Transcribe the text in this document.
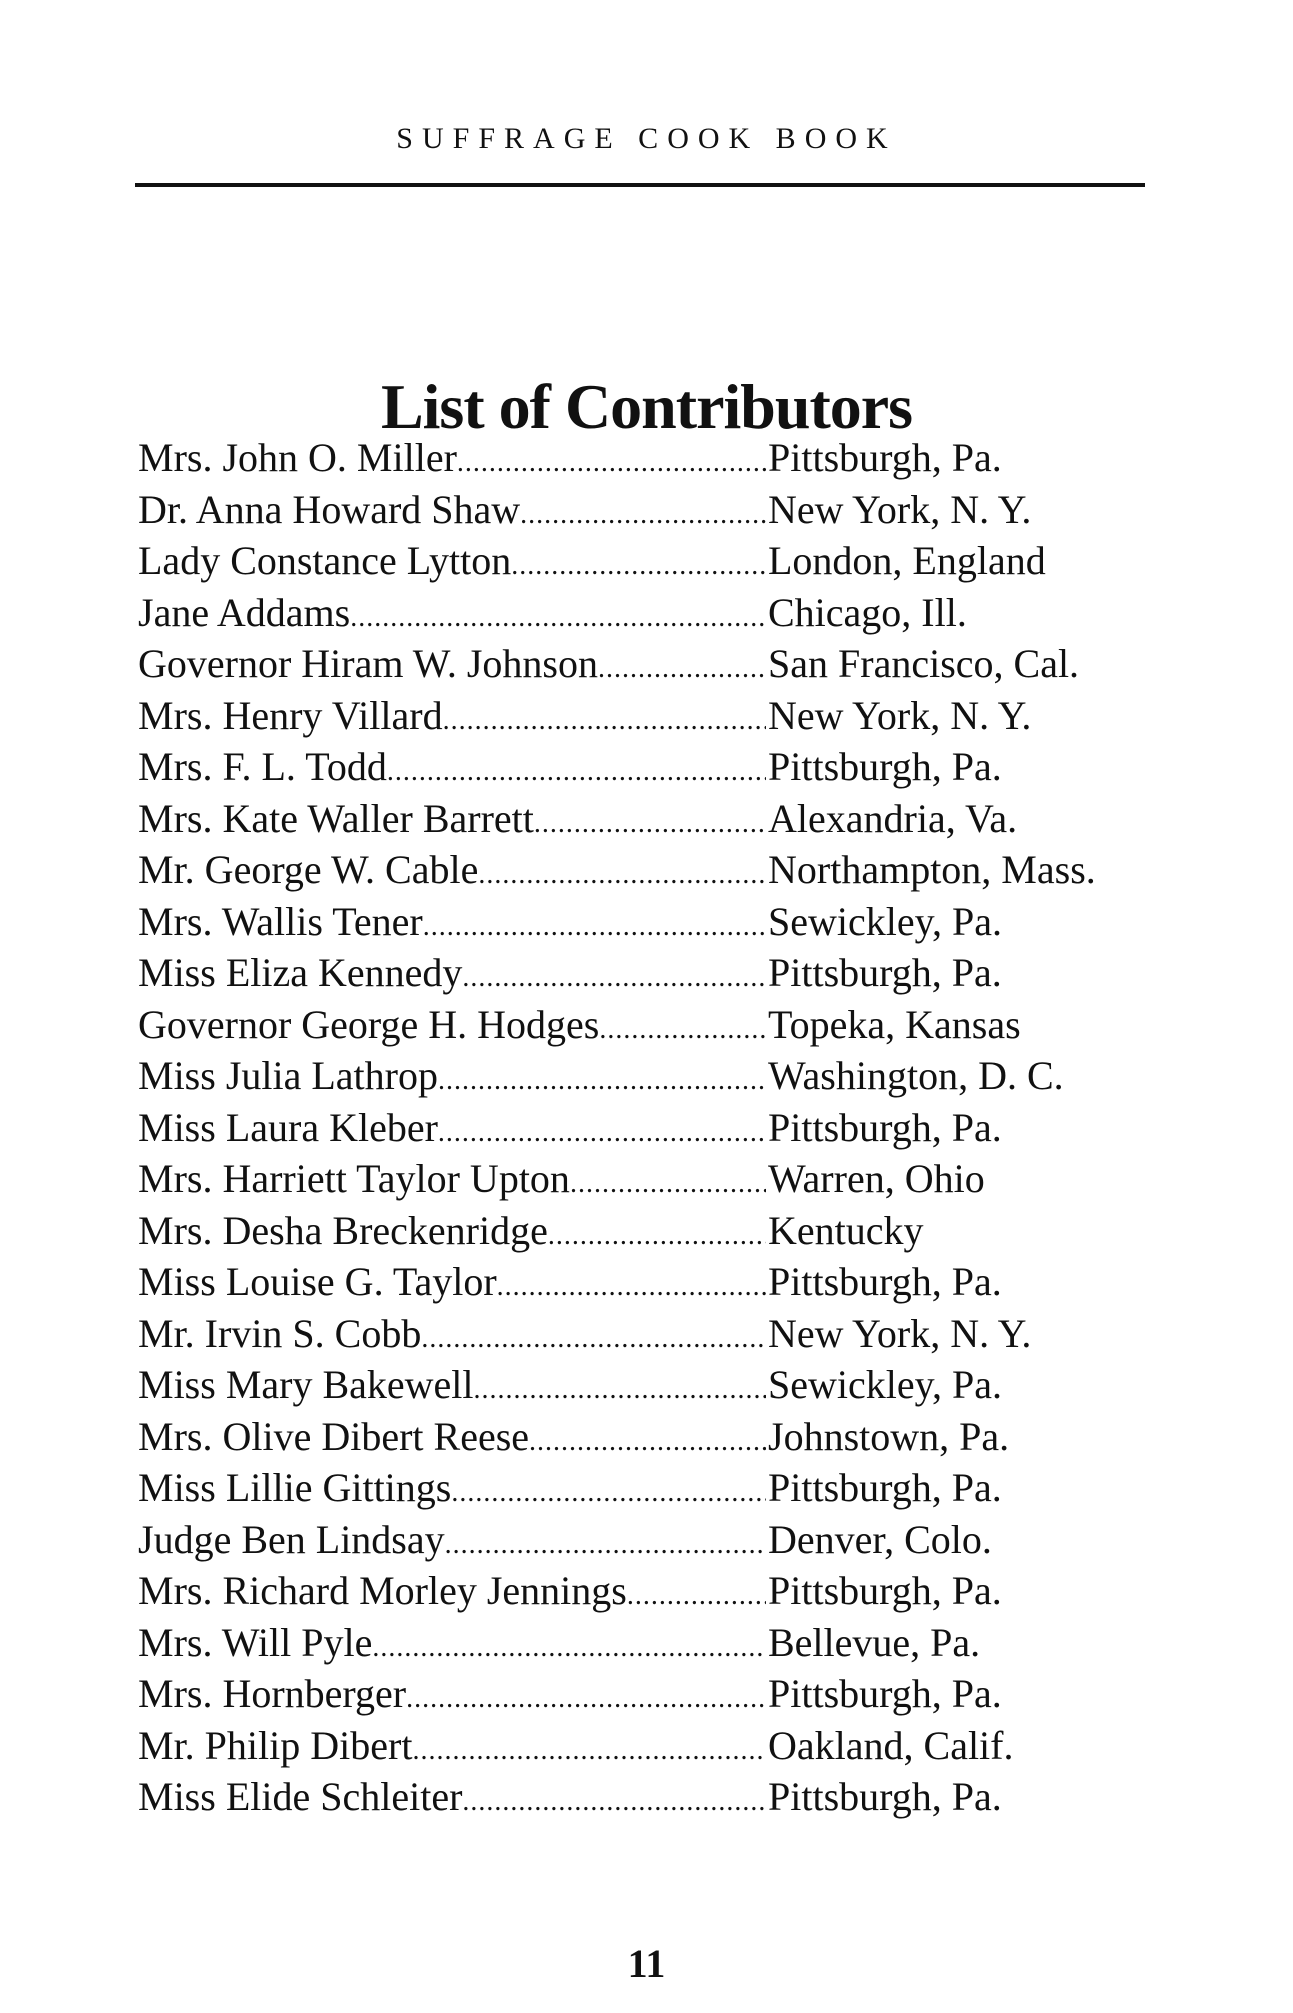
SUFFRAGE COOK BOOK
List of Contributors
Mrs. John O. Miller .....	Pittsburgh, Pa.
Dr. Anna Howard Shaw .....	New York, N. Y.
Lady Constance Lytton .....	London, England
Jane Addams .....	Chicago, Ill.
Governor Hiram W. Johnson .....	San Francisco, Cal.
Mrs. Henry Villard .....	New York, N. Y.
Mrs. F. L. Todd .....	Pittsburgh, Pa.
Mrs. Kate Waller Barrett .....	Alexandria, Va.
Mr. George W. Cable .....	Northampton, Mass.
Mrs. Wallis Tener .....	Sewickley, Pa.
Miss Eliza Kennedy .....	Pittsburgh, Pa.
Governor George H. Hodges .....	Topeka, Kansas
Miss Julia Lathrop .....	Washington, D. C.
Miss Laura Kleber .....	Pittsburgh, Pa.
Mrs. Harriett Taylor Upton .....	Warren, Ohio
Mrs. Desha Breckenridge .....	Kentucky
Miss Louise G. Taylor .....	Pittsburgh, Pa.
Mr. Irvin S. Cobb .....	New York, N. Y.
Miss Mary Bakewell .....	Sewickley, Pa.
Mrs. Olive Dibert Reese .....	Johnstown, Pa.
Miss Lillie Gittings .....	Pittsburgh, Pa.
Judge Ben Lindsay .....	Denver, Colo.
Mrs. Richard Morley Jennings .....	Pittsburgh, Pa.
Mrs. Will Pyle .....	Bellevue, Pa.
Mrs. Hornberger .....	Pittsburgh, Pa.
Mr. Philip Dibert .....	Oakland, Calif.
Miss Elide Schleiter .....	Pittsburgh, Pa.
11
